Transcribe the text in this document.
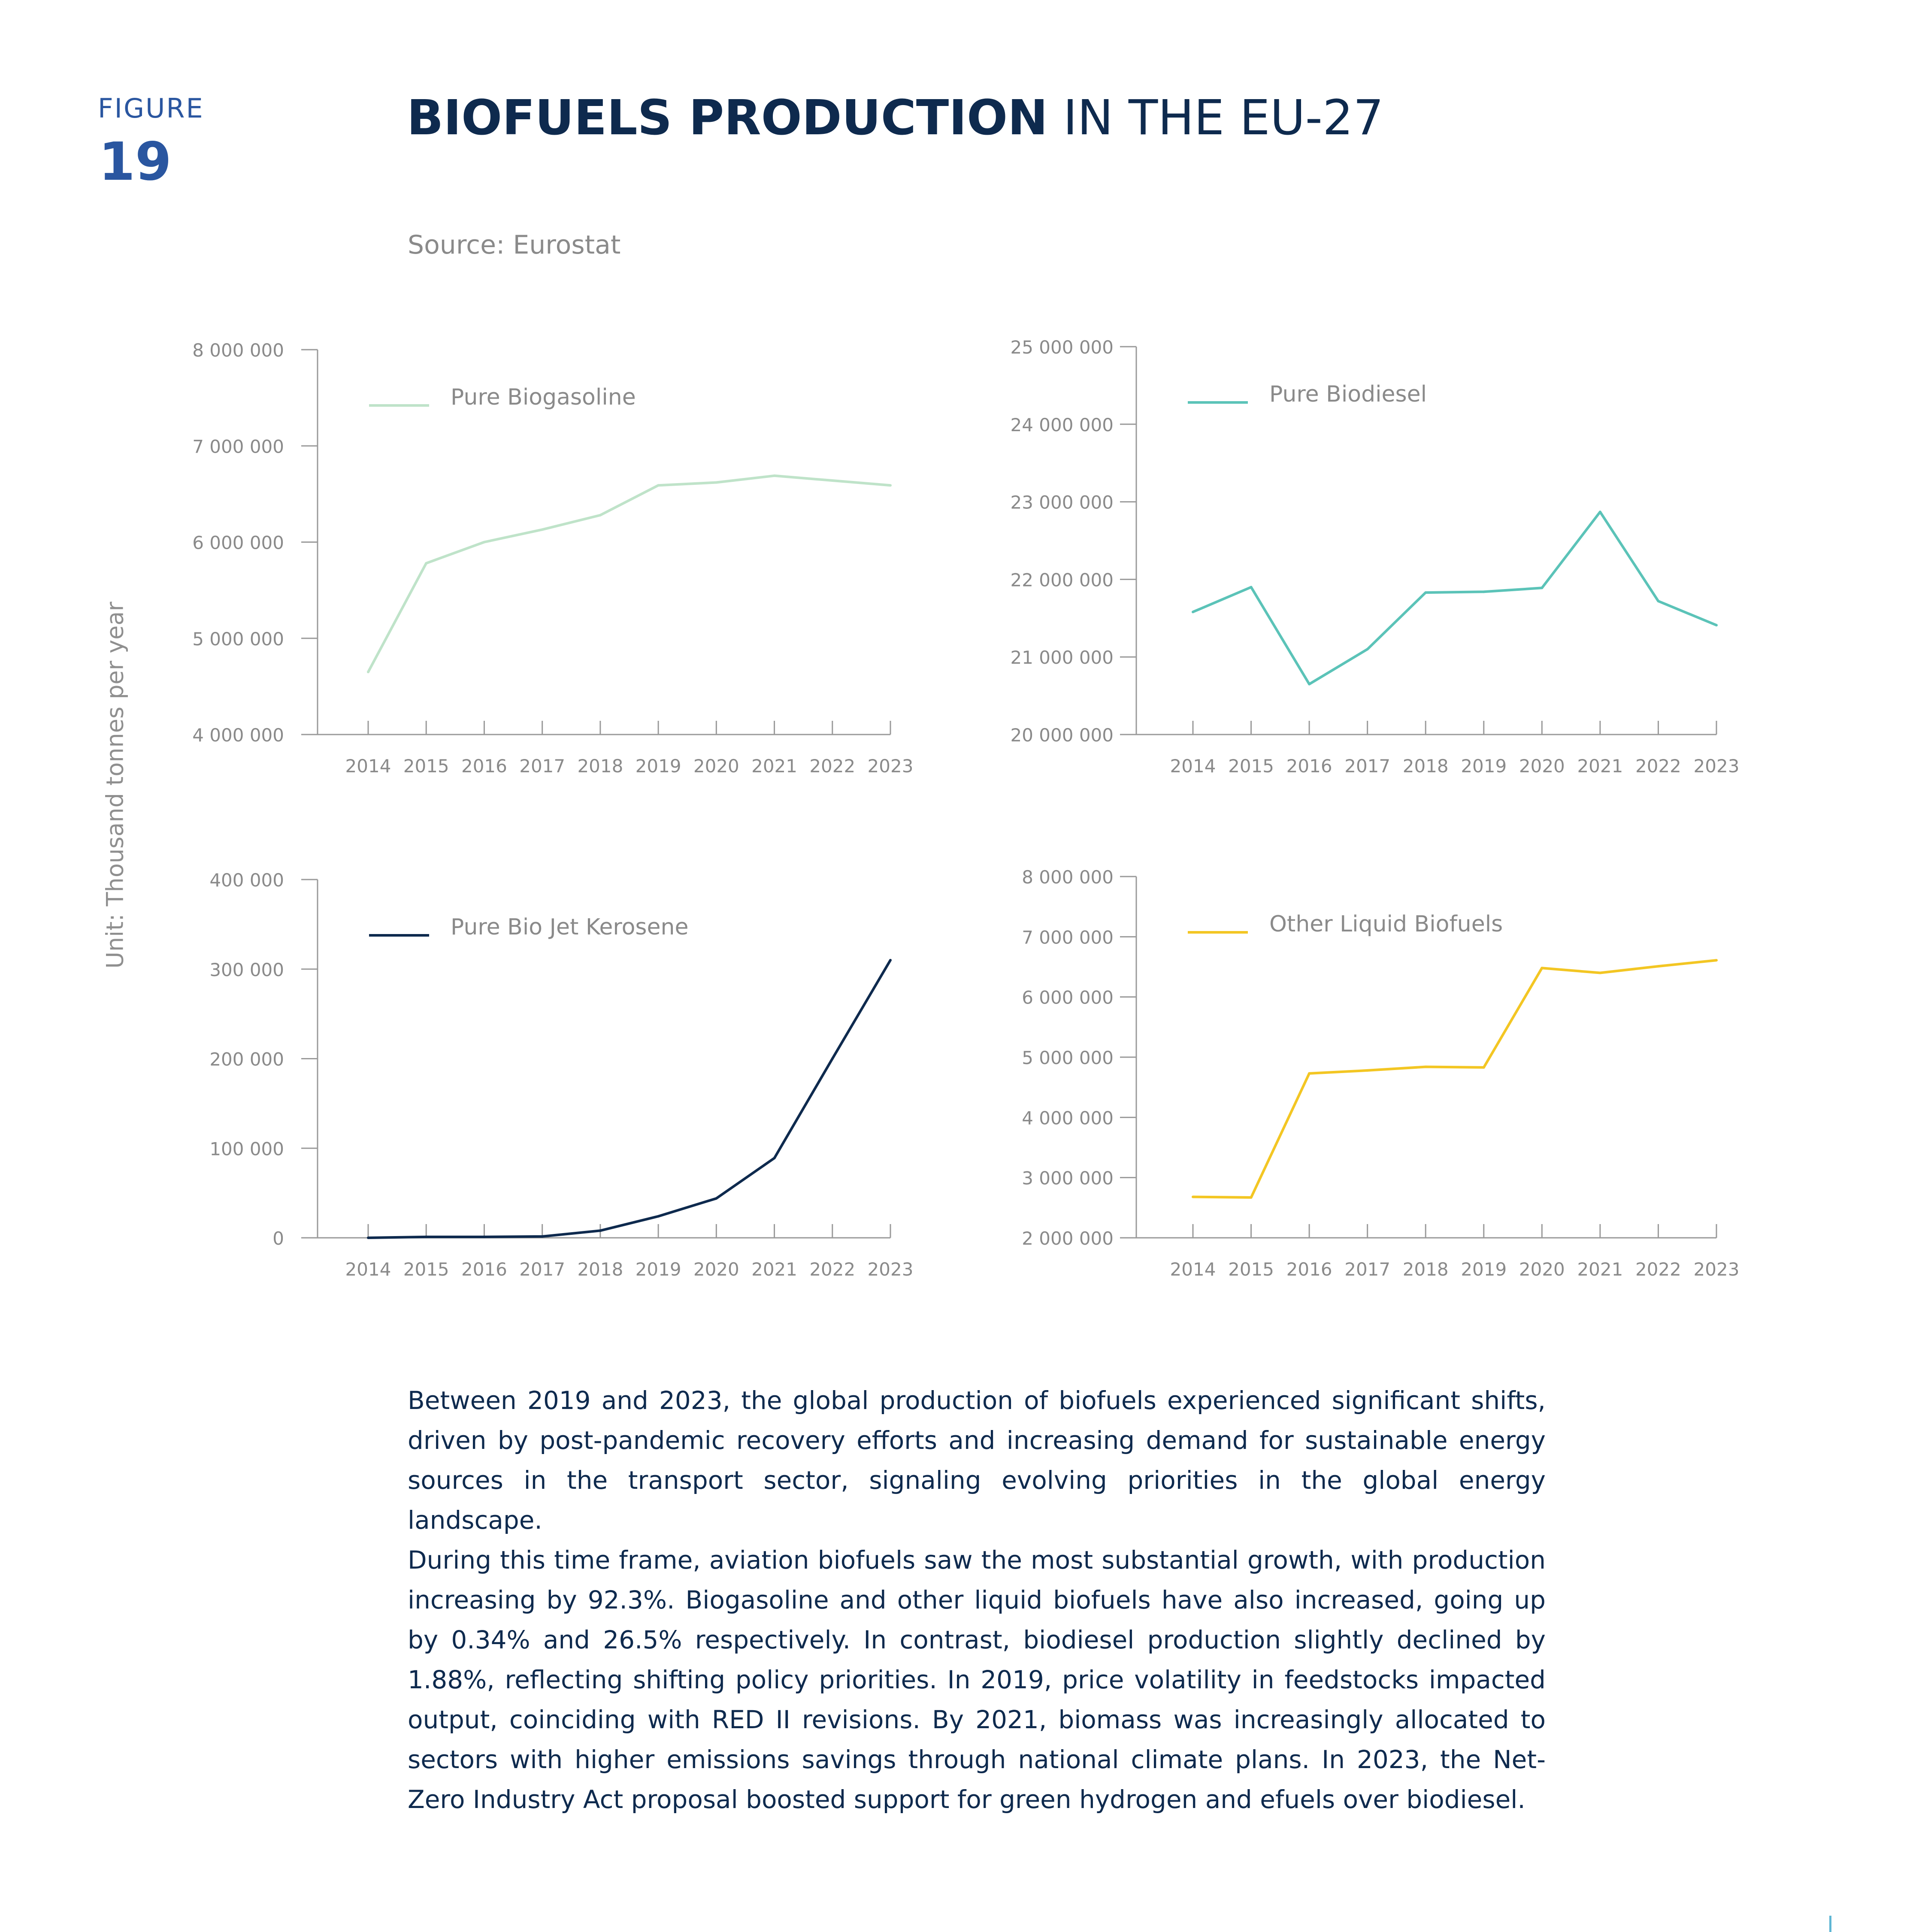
FIGURE
19
BIOFUELS PRODUCTION IN THE EU-27
Source: Eurostat
Unit: Thousand tonnes per year	4 000 000
5 000 000
6 000 000
7 000 000
8 000 000
2014 2015 2016 2017 2018 2019 2020 2021 2022 2023
Pure Biogasoline
20 000 000
21 000 000
22 000 000
23 000 000
24 000 000
25 000 000
2014 2015 2016 2017 2018 2019 2020 2021 2022 2023
Pure Biodiesel
0
100 000
200 000
300 000
400 000
2014 2015 2016 2017 2018 2019 2020 2021 2022 2023
Pure Bio Jet Kerosene
2 000 000
3 000 000
4 000 000
5 000 000
6 000 000
7 000 000
8 000 000
2014 2015 2016 2017 2018 2019 2020 2021 2022 2023
Other Liquid Biofuels
Between 2019 and 2023, the global production of biofuels experienced significant shifts, driven by post-pandemic recovery efforts and increasing demand for sustainable energy sources in the transport sector, signaling evolving priorities in the global energy landscape.
During this time frame, aviation biofuels saw the most substantial growth, with production increasing by 92.3%. Biogasoline and other liquid biofuels have also increased, going up by 0.34% and 26.5% respectively. In contrast, biodiesel production slightly declined by 1.88%, reflecting shifting policy priorities. In 2019, price volatility in feedstocks impacted output, coinciding with RED II revisions. By 2021, biomass was increasingly allocated to sectors with higher emissions savings through national climate plans. In 2023, the Net-Zero Industry Act proposal boosted support for green hydrogen and efuels over biodiesel.
